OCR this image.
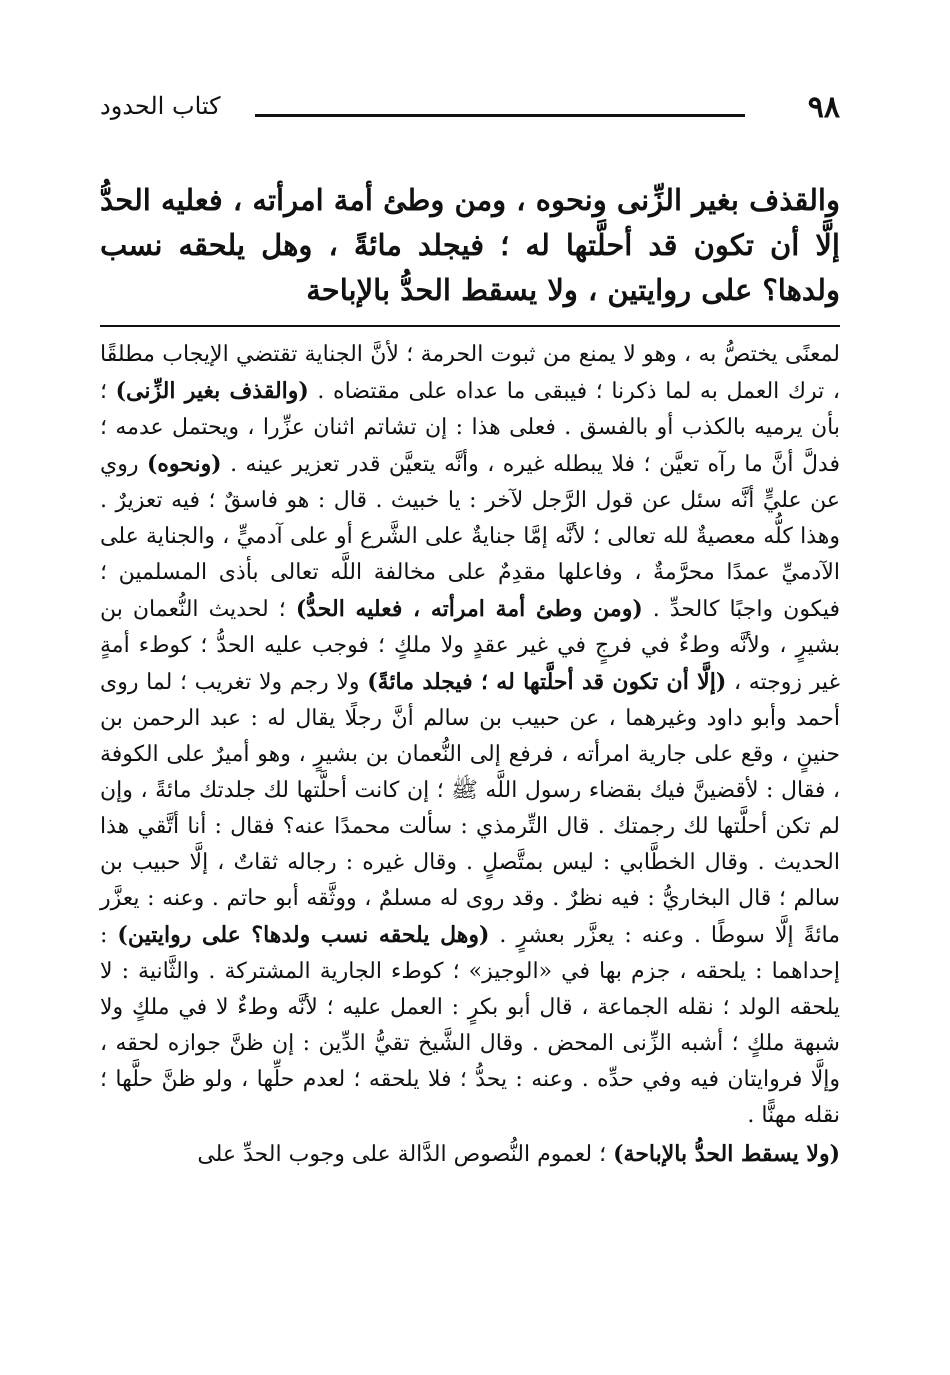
٩٨
كتاب الحدود
والقذف بغير الزِّنى ونحوه ، ومن وطئ أمة امرأته ، فعليه الحدُّ إلَّا أن تكون قد أحلَّتها له ؛ فيجلد مائةً ، وهل يلحقه نسب ولدها؟ على روايتين ، ولا يسقط الحدُّ بالإباحة

لمعنًى يختصُّ به ، وهو لا يمنع من ثبوت الحرمة ؛ لأنَّ الجناية تقتضي الإيجاب مطلقًا ، ترك العمل به لما ذكرنا ؛ فيبقى ما عداه على مقتضاه . (والقذف بغير الزِّنى) ؛ بأن يرميه بالكذب أو بالفسق . فعلى هذا : إن تشاتم اثنان عزِّرا ، ويحتمل عدمه ؛ فدلَّ أنَّ ما رآه تعيَّن ؛ فلا يبطله غيره ، وأنَّه يتعيَّن قدر تعزير عينه . (ونحوه) روي عن عليٍّ أنَّه سئل عن قول الرَّجل لآخر : يا خبيث . قال : هو فاسقٌ ؛ فيه تعزيرٌ . وهذا كلُّه معصيةٌ لله تعالى ؛ لأنَّه إمَّا جنايةٌ على الشَّرع أو على آدميٍّ ، والجناية على الآدميِّ عمدًا محرَّمةٌ ، وفاعلها مقدِمٌ على مخالفة اللَّه تعالى بأذى المسلمين ؛ فيكون واجبًا كالحدِّ . (ومن وطئ أمة امرأته ، فعليه الحدُّ) ؛ لحديث النُّعمان بن بشيرٍ ، ولأنَّه وطءٌ في فرجٍ في غير عقدٍ ولا ملكٍ ؛ فوجب عليه الحدُّ ؛ كوطء أمةٍ غير زوجته ، (إلَّا أن تكون قد أحلَّتها له ؛ فيجلد مائةً) ولا رجم ولا تغريب ؛ لما روى أحمد وأبو داود وغيرهما ، عن حبيب بن سالم أنَّ رجلًا يقال له : عبد الرحمن بن حنينٍ ، وقع على جارية امرأته ، فرفع إلى النُّعمان بن بشيرٍ ، وهو أميرٌ على الكوفة ، فقال : لأقضينَّ فيك بقضاء رسول اللَّه ﷺ ؛ إن كانت أحلَّتها لك جلدتك مائةً ، وإن لم تكن أحلَّتها لك رجمتك . قال التِّرمذي : سألت محمدًا عنه؟ فقال : أنا أتَّقي هذا الحديث . وقال الخطَّابي : ليس بمتَّصلٍ . وقال غيره : رجاله ثقاتٌ ، إلَّا حبيب بن سالم ؛ قال البخاريُّ : فيه نظرٌ . وقد روى له مسلمٌ ، ووثَّقه أبو حاتم . وعنه : يعزَّر مائةً إلَّا سوطًا . وعنه : يعزَّر بعشرٍ . (وهل يلحقه نسب ولدها؟ على روايتين) : إحداهما : يلحقه ، جزم بها في «الوجيز» ؛ كوطء الجارية المشتركة . والثَّانية : لا يلحقه الولد ؛ نقله الجماعة ، قال أبو بكرٍ : العمل عليه ؛ لأنَّه وطءٌ لا في ملكٍ ولا شبهة ملكٍ ؛ أشبه الزِّنى المحض . وقال الشَّيخ تقيُّ الدِّين : إن ظنَّ جوازه لحقه ، وإلَّا فروايتان فيه وفي حدِّه . وعنه : يحدُّ ؛ فلا يلحقه ؛ لعدم حلِّها ، ولو ظنَّ حلَّها ؛ نقله مهنًّا .

(ولا يسقط الحدُّ بالإباحة) ؛ لعموم النُّصوص الدَّالة على وجوب الحدِّ على
